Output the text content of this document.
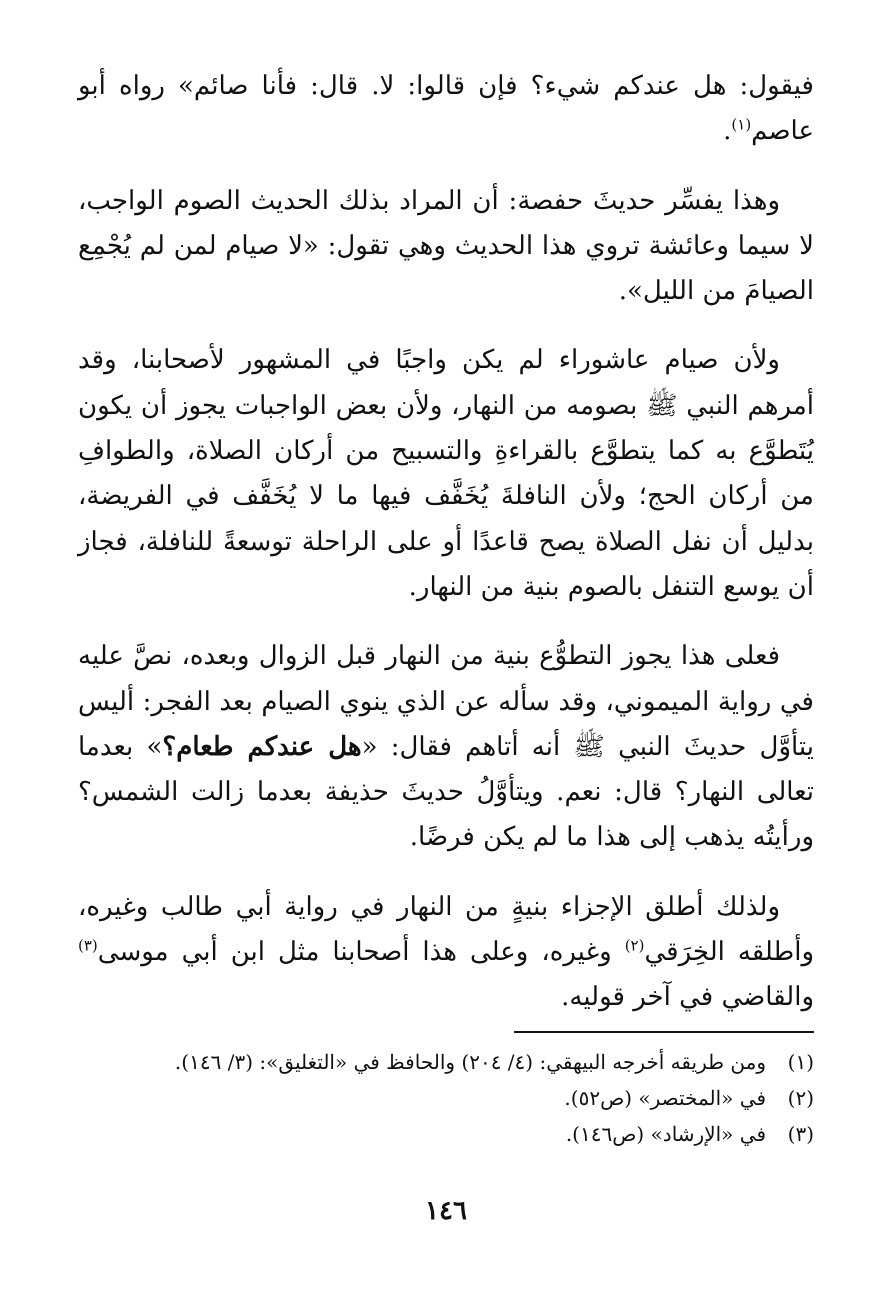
فيقول: هل عندكم شيء؟ فإن قالوا: لا. قال: فأنا صائم» رواه أبو عاصم$^{(١)}$.

وهذا يفسِّر حديثَ حفصة: أن المراد بذلك الحديث الصوم الواجب، لا سيما وعائشة تروي هذا الحديث وهي تقول: «لا صيام لمن لم يُجْمِع الصيامَ من الليل».

ولأن صيام عاشوراء لم يكن واجبًا في المشهور لأصحابنا، وقد أمرهم النبي ﷺ بصومه من النهار، ولأن بعض الواجبات يجوز أن يكون يُتَطوَّع به كما يتطوَّع بالقراءةِ والتسبيح من أركان الصلاة، والطوافِ من أركان الحج؛ ولأن النافلةَ يُخَفَّف فيها ما لا يُخَفَّف في الفريضة، بدليل أن نفل الصلاة يصح قاعدًا أو على الراحلة توسعةً للنافلة، فجاز أن يوسع التنفل بالصوم بنية من النهار.

فعلى هذا يجوز التطوُّع بنية من النهار قبل الزوال وبعده، نصَّ عليه في رواية الميموني، وقد سأله عن الذي ينوي الصيام بعد الفجر: أليس يتأوَّل حديثَ النبي ﷺ أنه أتاهم فقال: «هل عندكم طعام؟» بعدما تعالى النهار؟ قال: نعم. ويتأوَّلُ حديثَ حذيفة بعدما زالت الشمس؟ ورأيتُه يذهب إلى هذا ما لم يكن فرضًا.

ولذلك أطلق الإجزاء بنيةٍ من النهار في رواية أبي طالب وغيره، وأطلقه الخِرَقي$^{(٢)}$ وغيره، وعلى هذا أصحابنا مثل ابن أبي موسى$^{(٣)}$ والقاضي في آخر قوليه.

(١)ومن طريقه أخرجه البيهقي: (٤/ ٢٠٤) والحافظ في «التغليق»: (٣/ ١٤٦).

(٢)في «المختصر» (ص٥٢).

(٣)في «الإرشاد» (ص١٤٦).

١٤٦
